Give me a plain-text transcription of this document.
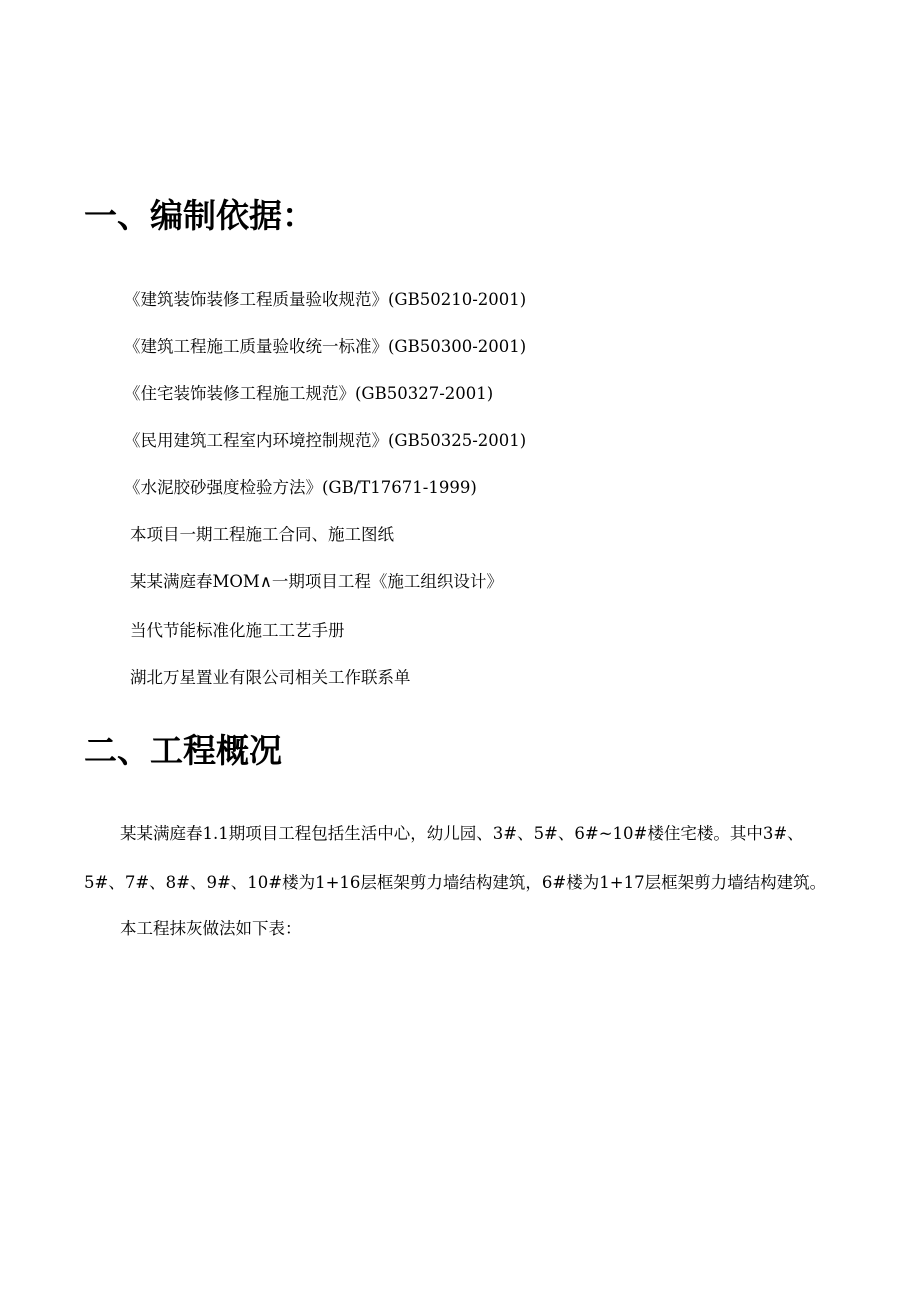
一、编制依据：
《建筑装饰装修工程质量验收规范》(GB50210-2001)
《建筑工程施工质量验收统一标准》(GB50300-2001)
《住宅装饰装修工程施工规范》(GB50327-2001)
《民用建筑工程室内环境控制规范》(GB50325-2001)
《水泥胶砂强度检验方法》(GB/T17671-1999)
本项目一期工程施工合同、施工图纸
某某满庭春MOM∧一期项目工程《施工组织设计》
当代节能标准化施工工艺手册
湖北万星置业有限公司相关工作联系单
二、工程概况

某某满庭春1.1期项目工程包括生活中心，幼儿园、3#、5#、6#~10#楼住宅楼。其中3#、

5#、7#、8#、9#、10#楼为1+16层框架剪力墙结构建筑，6#楼为1+17层框架剪力墙结构建筑。

本工程抹灰做法如下表：
